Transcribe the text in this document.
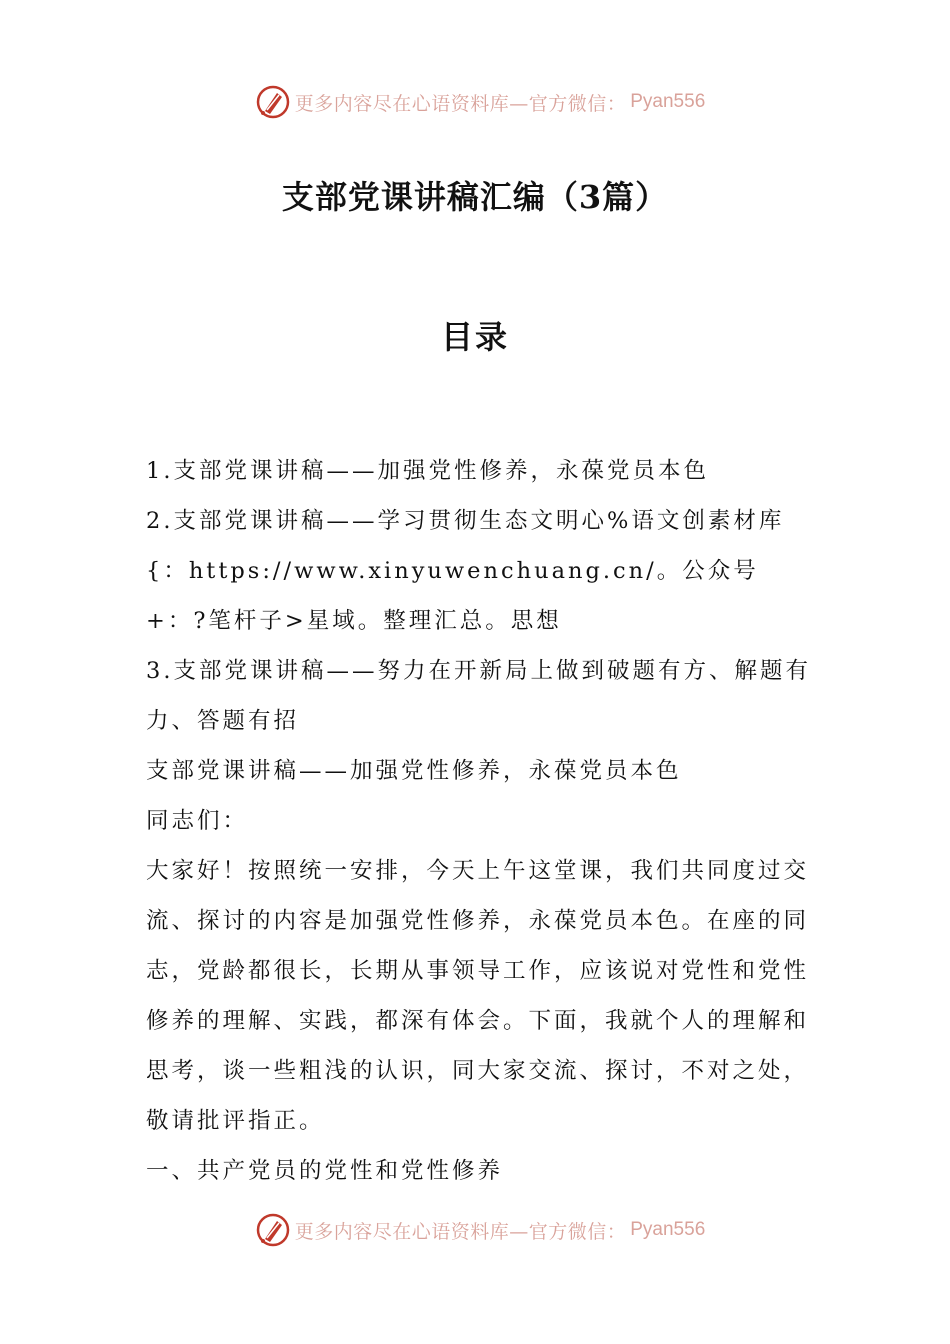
更多内容尽在心语资料库—官方微信： Pyan556
支部党课讲稿汇编（3篇）
目录

1.支部党课讲稿——加强党性修养，永葆党员本色

2.支部党课讲稿——学习贯彻生态文明心%语文创素材库{：https://www.xinyuwenchuang.cn/。公众号+：?笔杆子>星域。整理汇总。思想

3.支部党课讲稿——努力在开新局上做到破题有方、解题有力、答题有招

支部党课讲稿——加强党性修养，永葆党员本色

同志们：

大家好！按照统一安排，今天上午这堂课，我们共同度过交流、探讨的内容是加强党性修养，永葆党员本色。在座的同志，党龄都很长，长期从事领导工作，应该说对党性和党性修养的理解、实践，都深有体会。下面，我就个人的理解和思考，谈一些粗浅的认识，同大家交流、探讨，不对之处，敬请批评指正。

一、共产党员的党性和党性修养

更多内容尽在心语资料库—官方微信： Pyan556
